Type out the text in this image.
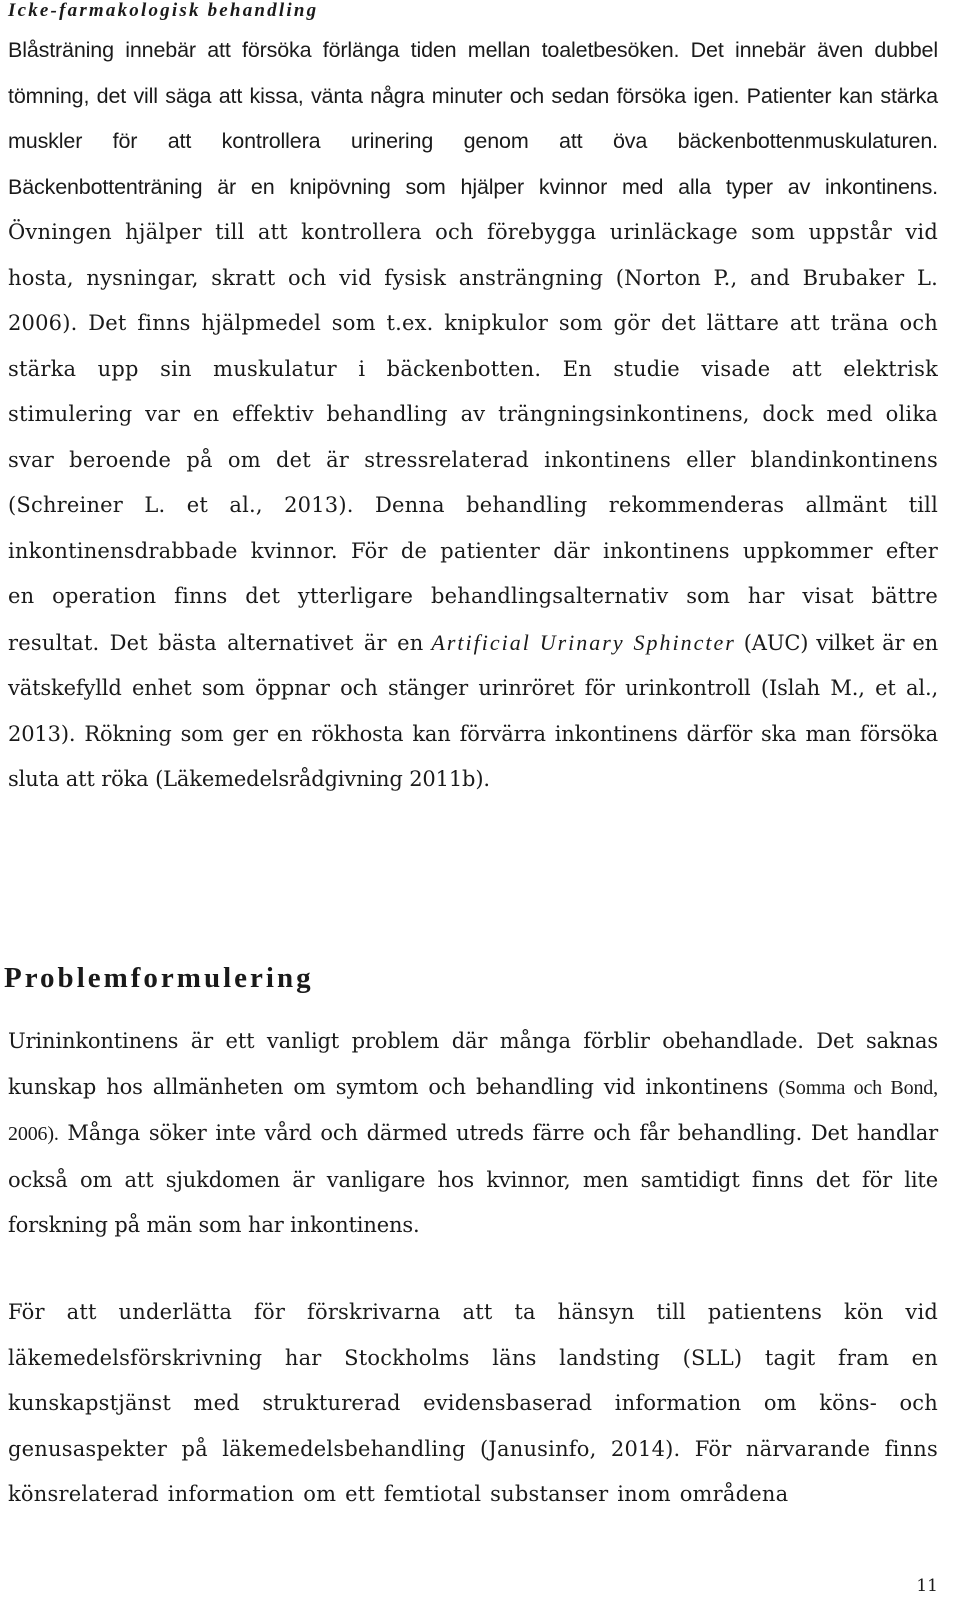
Icke-farmakologisk behandling

Blåsträning innebär att försöka förlänga tiden mellan toaletbesöken. Det innebär även dubbel tömning, det vill säga att kissa, vänta några minuter och sedan försöka igen. Patienter kan stärka muskler för att kontrollera urinering genom att öva bäckenbottenmuskulaturen. Bäckenbottenträning är en knipövning som hjälper kvinnor med alla typer av inkontinens. Övningen hjälper till att kontrollera och förebygga urinläckage som uppstår vid hosta, nysningar, skratt och vid fysisk ansträngning (Norton P., and Brubaker L. 2006). Det finns hjälpmedel som t.ex. knipkulor som gör det lättare att träna och stärka upp sin muskulatur i bäckenbotten. En studie visade att elektrisk stimulering var en effektiv behandling av trängningsinkontinens, dock med olika svar beroende på om det är stressrelaterad inkontinens eller blandinkontinens (Schreiner L. et al., 2013). Denna behandling rekommenderas allmänt till inkontinensdrabbade kvinnor. För de patienter där inkontinens uppkommer efter en operation finns det ytterligare behandlingsalternativ som har visat bättre resultat. Det bästa alternativet är en Artificial Urinary Sphincter (AUC) vilket är en vätskefylld enhet som öppnar och stänger urinröret för urinkontroll (Islah M., et al., 2013). Rökning som ger en rökhosta kan förvärra inkontinens därför ska man försöka sluta att röka (Läkemedelsrådgivning 2011b).

Problemformulering

Urininkontinens är ett vanligt problem där många förblir obehandlade. Det saknas kunskap hos allmänheten om symtom och behandling vid inkontinens (Somma och Bond, 2006). Många söker inte vård och därmed utreds färre och får behandling. Det handlar också om att sjukdomen är vanligare hos kvinnor, men samtidigt finns det för lite forskning på män som har inkontinens.

För att underlätta för förskrivarna att ta hänsyn till patientens kön vid läkemedelsförskrivning har Stockholms läns landsting (SLL) tagit fram en kunskapstjänst med strukturerad evidensbaserad information om köns- och genusaspekter på läkemedelsbehandling (Janusinfo, 2014). För närvarande finns könsrelaterad information om ett femtiotal substanser inom områdena

11
